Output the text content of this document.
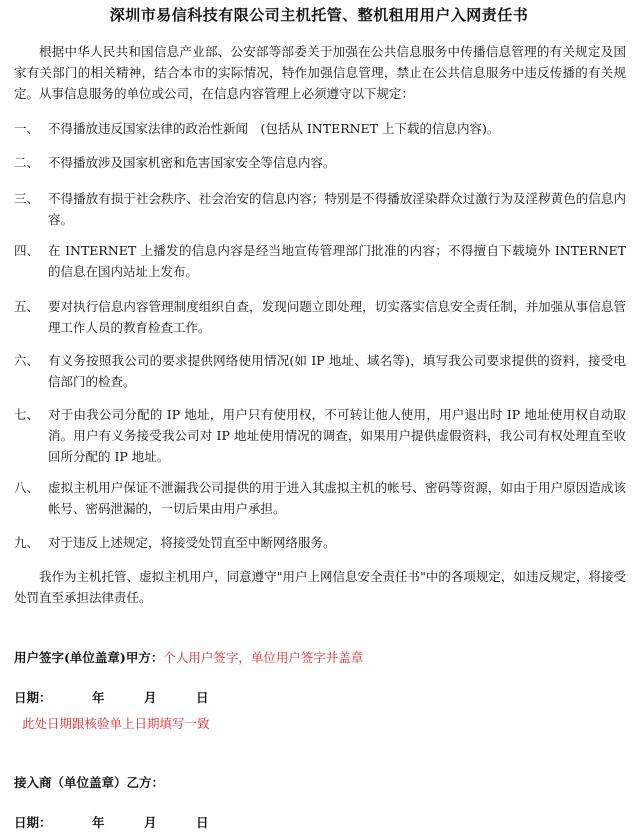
深圳市易信科技有限公司主机托管、整机租用用户入网责任书
根据中华人民共和国信息产业部、公安部等部委关于加强在公共信息服务中传播信息管理的有关规定及国家有关部门的相关精神，结合本市的实际情况，特作加强信息管理，禁止在公共信息服务中违反传播的有关规定。从事信息服务的单位或公司，在信息内容管理上必须遵守以下规定：
一、 不得播放违反国家法律的政治性新闻　(包括从 INTERNET 上下载的信息内容)。
二、 不得播放涉及国家机密和危害国家安全等信息内容。
三、 不得播放有损于社会秩序、社会治安的信息内容；特别是不得播放淫染群众过激行为及淫秽黄色的信息内容。
四、 在 INTERNET 上播发的信息内容是经当地宣传管理部门批准的内容；不得擅自下载境外 INTERNET 的信息在国内站址上发布。
五、 要对执行信息内容管理制度组织自查，发现问题立即处理，切实落实信息安全责任制，并加强从事信息管理工作人员的教育检查工作。
六、 有义务按照我公司的要求提供网络使用情况(如 IP 地址、域名等)，填写我公司要求提供的资料，接受电信部门的检查。
七、 对于由我公司分配的 IP 地址，用户只有使用权，不可转让他人使用，用户退出时 IP 地址使用权自动取消。用户有义务接受我公司对 IP 地址使用情况的调查，如果用户提供虚假资料，我公司有权处理直至收回所分配的 IP 地址。
八、 虚拟主机用户保证不泄漏我公司提供的用于进入其虚拟主机的帐号、密码等资源，如由于用户原因造成该帐号、密码泄漏的，一切后果由用户承担。
九、 对于违反上述规定，将接受处罚直至中断网络服务。
我作为主机托管、虚拟主机用户，同意遵守"用户上网信息安全责任书"中的各项规定，如违反规定，将接受处罚直至承担法律责任。
用户签字(单位盖章)甲方：个人用户签字，单位用户签字并盖章
日期：	年	月	日
此处日期跟核验单上日期填写一致
接入商（单位盖章）乙方：
日期：	年	月	日
